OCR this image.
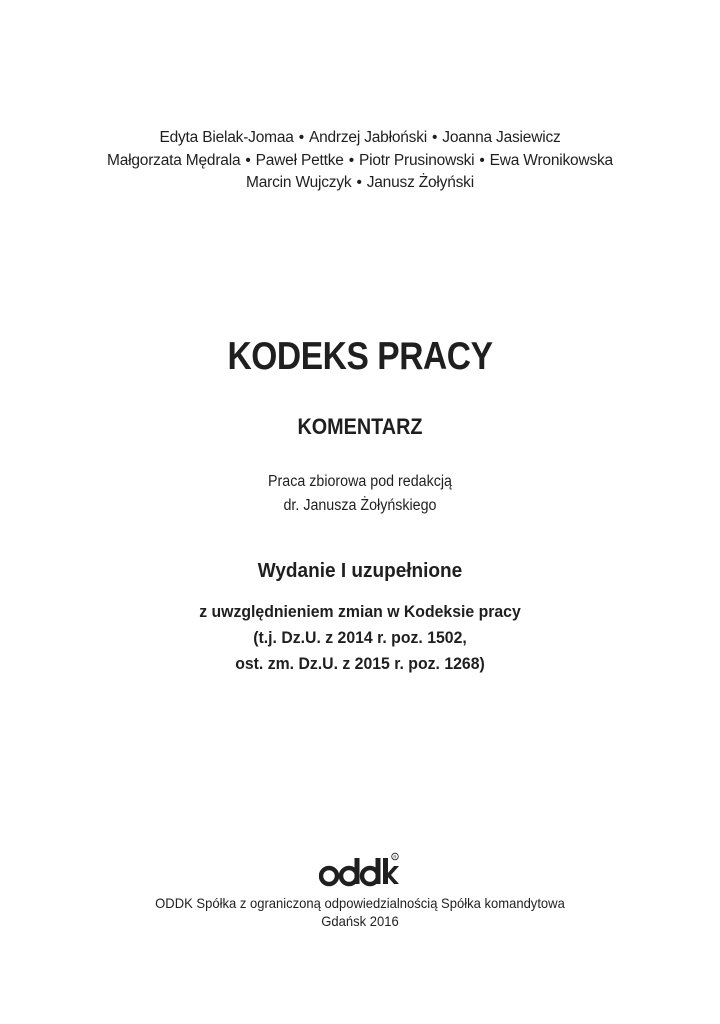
Edyta Bielak-Jomaa • Andrzej Jabłoński • Joanna Jasiewicz
Małgorzata Mędrala • Paweł Pettke • Piotr Prusinowski • Ewa Wronikowska
Marcin Wujczyk • Janusz Żołyński
KODEKS PRACY
KOMENTARZ
Praca zbiorowa pod redakcją
dr. Janusza Żołyńskiego
Wydanie I uzupełnione
z uwzględnieniem zmian w Kodeksie pracy
(t.j. Dz.U. z 2014 r. poz. 1502,
ost. zm. Dz.U. z 2015 r. poz. 1268)
R
ODDK Spółka z ograniczoną odpowiedzialnością Spółka komandytowa
Gdańsk 2016
